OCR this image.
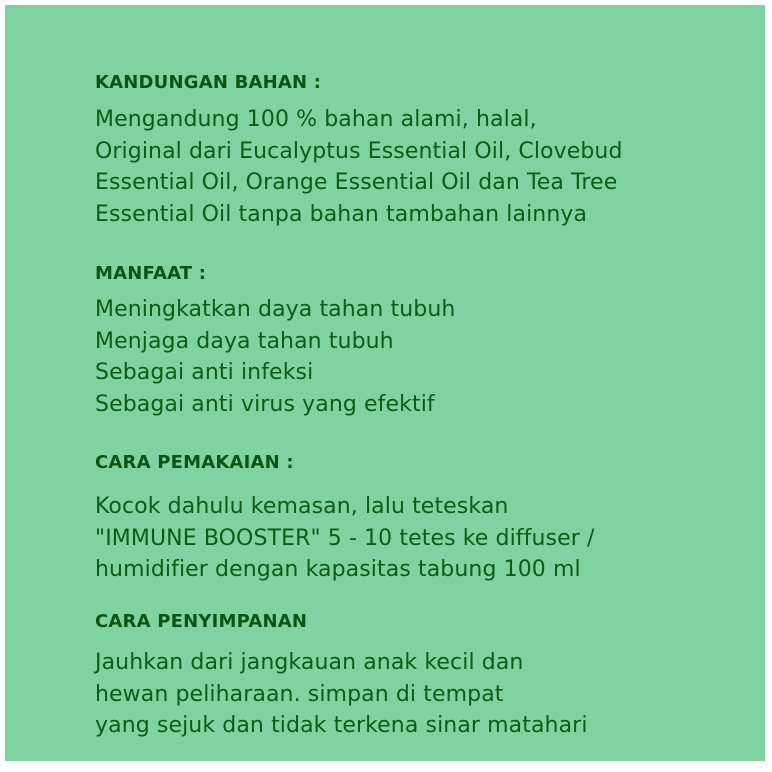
KANDUNGAN BAHAN :
Mengandung 100 % bahan alami, halal,
Original dari Eucalyptus Essential Oil, Clovebud
Essential Oil, Orange Essential Oil dan Tea Tree
Essential Oil tanpa bahan tambahan lainnya
MANFAAT :
Meningkatkan daya tahan tubuh
Menjaga daya tahan tubuh
Sebagai anti infeksi
Sebagai anti virus yang efektif
CARA PEMAKAIAN :
Kocok dahulu kemasan, lalu teteskan
"IMMUNE BOOSTER" 5 - 10 tetes ke diffuser /
humidifier dengan kapasitas tabung 100 ml
CARA PENYIMPANAN
Jauhkan dari jangkauan anak kecil dan
hewan peliharaan. simpan di tempat
yang sejuk dan tidak terkena sinar matahari
